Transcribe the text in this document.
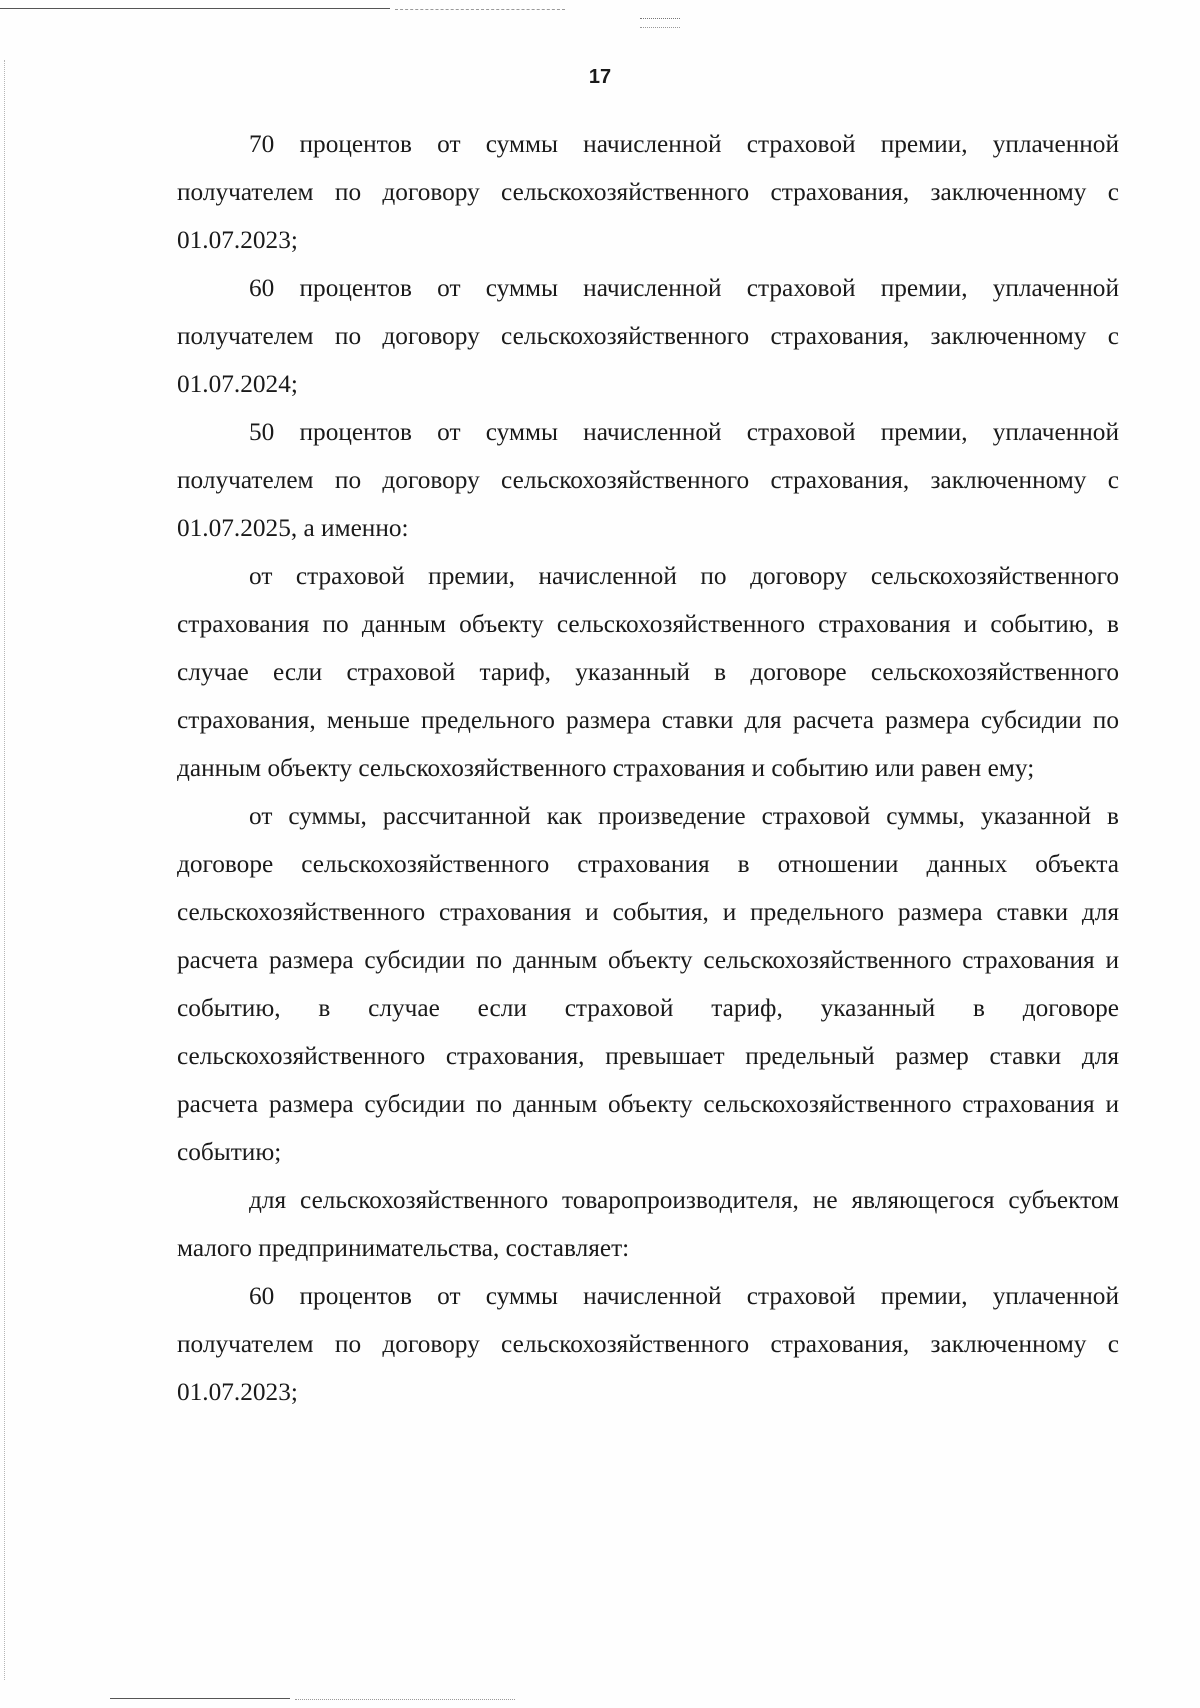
17

70 процентов от суммы начисленной страховой премии, уплаченной получателем по договору сельскохозяйственного страхования, заключенному с 01.07.2023;

60 процентов от суммы начисленной страховой премии, уплаченной получателем по договору сельскохозяйственного страхования, заключенному с 01.07.2024;

50 процентов от суммы начисленной страховой премии, уплаченной получателем по договору сельскохозяйственного страхования, заключенному с 01.07.2025, а именно:

от страховой премии, начисленной по договору сельскохозяйственного страхования по данным объекту сельскохозяйственного страхования и событию, в случае если страховой тариф, указанный в договоре сельскохозяйственного страхования, меньше предельного размера ставки для расчета размера субсидии по данным объекту сельскохозяйственного страхования и событию или равен ему;

от суммы, рассчитанной как произведение страховой суммы, указанной в договоре сельскохозяйственного страхования в отношении данных объекта сельскохозяйственного страхования и события, и предельного размера ставки для расчета размера субсидии по данным объекту сельскохозяйственного страхования и событию, в случае если страховой тариф, указанный в договоре сельскохозяйственного страхования, превышает предельный размер ставки для расчета размера субсидии по данным объекту сельскохозяйственного страхования и событию;

для сельскохозяйственного товаропроизводителя, не являющегося субъектом малого предпринимательства, составляет:

60 процентов от суммы начисленной страховой премии, уплаченной получателем по договору сельскохозяйственного страхования, заключенному с 01.07.2023;
